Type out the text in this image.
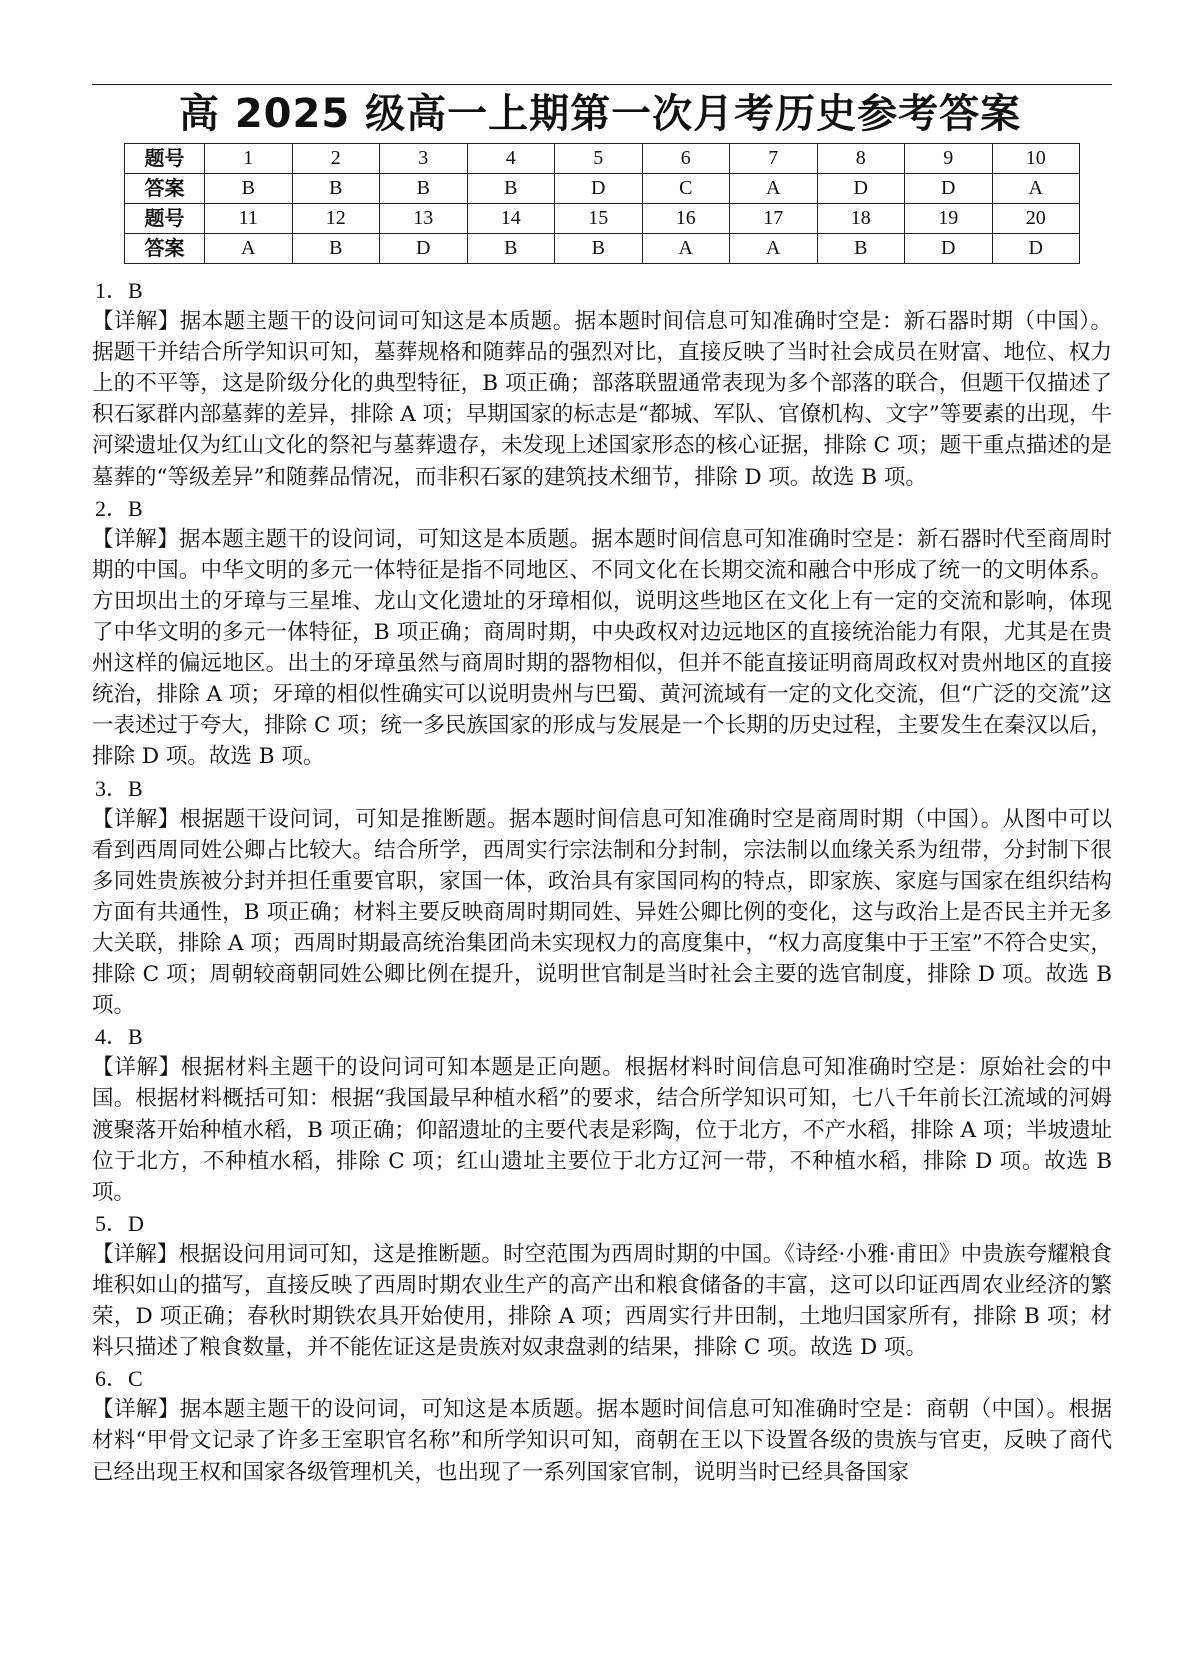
高 2025 级高一上期第一次月考历史参考答案
题号	1	2	3	4	5	6	7	8	9	10
答案	B	B	B	B	D	C	A	D	D	A
题号	11	12	13	14	15	16	17	18	19	20
答案	A	B	D	B	B	A	A	B	D	D

1．B

【详解】据本题主题干的设问词可知这是本质题。据本题时间信息可知准确时空是：新石器时期（中国）。据题干并结合所学知识可知，墓葬规格和随葬品的强烈对比，直接反映了当时社会成员在财富、地位、权力上的不平等，这是阶级分化的典型特征，B 项正确；部落联盟通常表现为多个部落的联合，但题干仅描述了积石冢群内部墓葬的差异，排除 A 项；早期国家的标志是“都城、军队、官僚机构、文字”等要素的出现，牛河梁遗址仅为红山文化的祭祀与墓葬遗存，未发现上述国家形态的核心证据，排除 C 项；题干重点描述的是墓葬的“等级差异”和随葬品情况，而非积石冢的建筑技术细节，排除 D 项。故选 B 项。

2．B

【详解】据本题主题干的设问词，可知这是本质题。据本题时间信息可知准确时空是：新石器时代至商周时期的中国。中华文明的多元一体特征是指不同地区、不同文化在长期交流和融合中形成了统一的文明体系。方田坝出土的牙璋与三星堆、龙山文化遗址的牙璋相似，说明这些地区在文化上有一定的交流和影响，体现了中华文明的多元一体特征，B 项正确；商周时期，中央政权对边远地区的直接统治能力有限，尤其是在贵州这样的偏远地区。出土的牙璋虽然与商周时期的器物相似，但并不能直接证明商周政权对贵州地区的直接统治，排除 A 项；牙璋的相似性确实可以说明贵州与巴蜀、黄河流域有一定的文化交流，但“广泛的交流”这一表述过于夸大，排除 C 项；统一多民族国家的形成与发展是一个长期的历史过程，主要发生在秦汉以后，排除 D 项。故选 B 项。

3．B

【详解】根据题干设问词，可知是推断题。据本题时间信息可知准确时空是商周时期（中国）。从图中可以看到西周同姓公卿占比较大。结合所学，西周实行宗法制和分封制，宗法制以血缘关系为纽带，分封制下很多同姓贵族被分封并担任重要官职，家国一体，政治具有家国同构的特点，即家族、家庭与国家在组织结构方面有共通性，B 项正确；材料主要反映商周时期同姓、异姓公卿比例的变化，这与政治上是否民主并无多大关联，排除 A 项；西周时期最高统治集团尚未实现权力的高度集中，“权力高度集中于王室”不符合史实，排除 C 项；周朝较商朝同姓公卿比例在提升，说明世官制是当时社会主要的选官制度，排除 D 项。故选 B 项。

4．B

【详解】根据材料主题干的设问词可知本题是正向题。根据材料时间信息可知准确时空是：原始社会的中国。根据材料概括可知：根据“我国最早种植水稻”的要求，结合所学知识可知，七八千年前长江流域的河姆渡聚落开始种植水稻，B 项正确；仰韶遗址的主要代表是彩陶，位于北方，不产水稻，排除 A 项；半坡遗址位于北方，不种植水稻，排除 C 项；红山遗址主要位于北方辽河一带，不种植水稻，排除 D 项。故选 B 项。

5．D

【详解】根据设问用词可知，这是推断题。时空范围为西周时期的中国。《诗经·小雅·甫田》中贵族夸耀粮食堆积如山的描写，直接反映了西周时期农业生产的高产出和粮食储备的丰富，这可以印证西周农业经济的繁荣，D 项正确；春秋时期铁农具开始使用，排除 A 项；西周实行井田制，土地归国家所有，排除 B 项；材料只描述了粮食数量，并不能佐证这是贵族对奴隶盘剥的结果，排除 C 项。故选 D 项。

6．C

【详解】据本题主题干的设问词，可知这是本质题。据本题时间信息可知准确时空是：商朝（中国）。根据材料“甲骨文记录了许多王室职官名称”和所学知识可知，商朝在王以下设置各级的贵族与官吏，反映了商代已经出现王权和国家各级管理机关，也出现了一系列国家官制，说明当时已经具备国家
